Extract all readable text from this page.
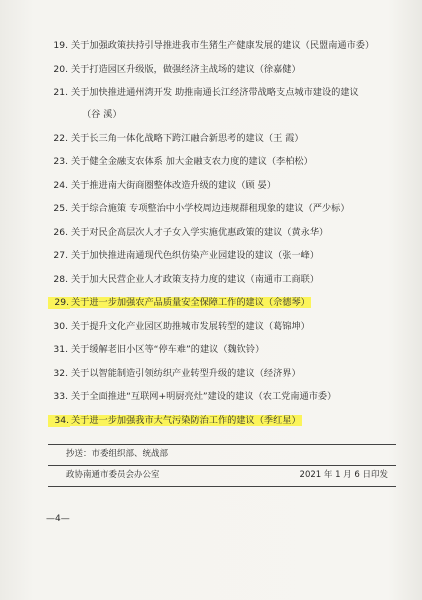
19. 关于加强政策扶持引导推进我市生猪生产健康发展的建议（民盟南通市委）
20. 关于打造园区升级版，做强经济主战场的建议（徐嘉健）
21. 关于加快推进通州湾开发 助推南通长江经济带战略支点城市建设的建议
（谷 溪）
22. 关于长三角一体化战略下跨江融合新思考的建议（王 霞）
23. 关于健全金融支农体系 加大金融支农力度的建议（李柏松）
24. 关于推进南大街商圈整体改造升级的建议（顾 晏）
25. 关于综合施策 专项整治中小学校周边违规群租现象的建议（严少标）
26. 关于对民企高层次人才子女入学实施优惠政策的建议（黄永华）
27. 关于加快推进南通现代色织仿染产业园建设的建议（张一峰）
28. 关于加大民营企业人才政策支持力度的建议（南通市工商联）
29. 关于进一步加强农产品质量安全保障工作的建议（佘德琴）
30. 关于提升文化产业园区助推城市发展转型的建议（葛锦坤）
31. 关于缓解老旧小区等“停车难”的建议（魏钦铃）
32. 关于以智能制造引领纺织产业转型升级的建议（经济界）
33. 关于全面推进“互联网+明厨亮灶”建设的建议（农工党南通市委）
34. 关于进一步加强我市大气污染防治工作的建议（季红星）
抄送：市委组织部、统战部
政协南通市委员会办公室	2021 年 1 月 6 日印发
—4—
